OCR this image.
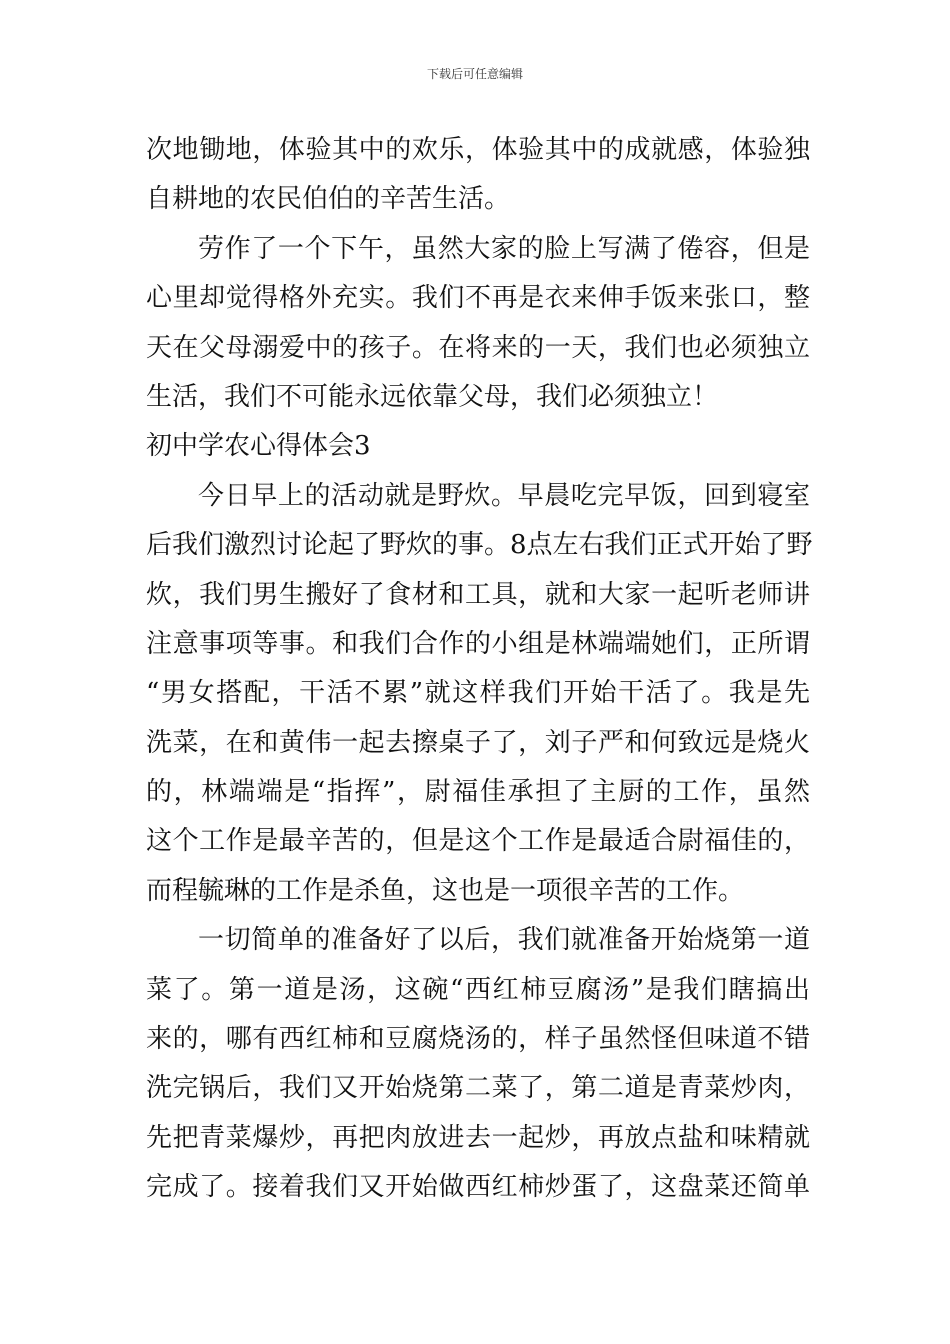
下载后可任意编辑
次地锄地，体验其中的欢乐，体验其中的成就感，体验独
自耕地的农民伯伯的辛苦生活。
劳作了一个下午，虽然大家的脸上写满了倦容，但是
心里却觉得格外充实。我们不再是衣来伸手饭来张口，整
天在父母溺爱中的孩子。在将来的一天，我们也必须独立
生活，我们不可能永远依靠父母，我们必须独立！
初中学农心得体会3
今日早上的活动就是野炊。早晨吃完早饭，回到寝室
后我们激烈讨论起了野炊的事。8点左右我们正式开始了野
炊，我们男生搬好了食材和工具，就和大家一起听老师讲
注意事项等事。和我们合作的小组是林端端她们，正所谓
“男女搭配，干活不累”就这样我们开始干活了。我是先
洗菜，在和黄伟一起去擦桌子了，刘子严和何致远是烧火
的，林端端是“指挥”，尉福佳承担了主厨的工作，虽然
这个工作是最辛苦的，但是这个工作是最适合尉福佳的，
而程毓琳的工作是杀鱼，这也是一项很辛苦的工作。
一切简单的准备好了以后，我们就准备开始烧第一道
菜了。第一道是汤，这碗“西红柿豆腐汤”是我们瞎搞出
来的，哪有西红柿和豆腐烧汤的，样子虽然怪但味道不错
洗完锅后，我们又开始烧第二菜了，第二道是青菜炒肉，
先把青菜爆炒，再把肉放进去一起炒，再放点盐和味精就
完成了。接着我们又开始做西红柿炒蛋了，这盘菜还简单
